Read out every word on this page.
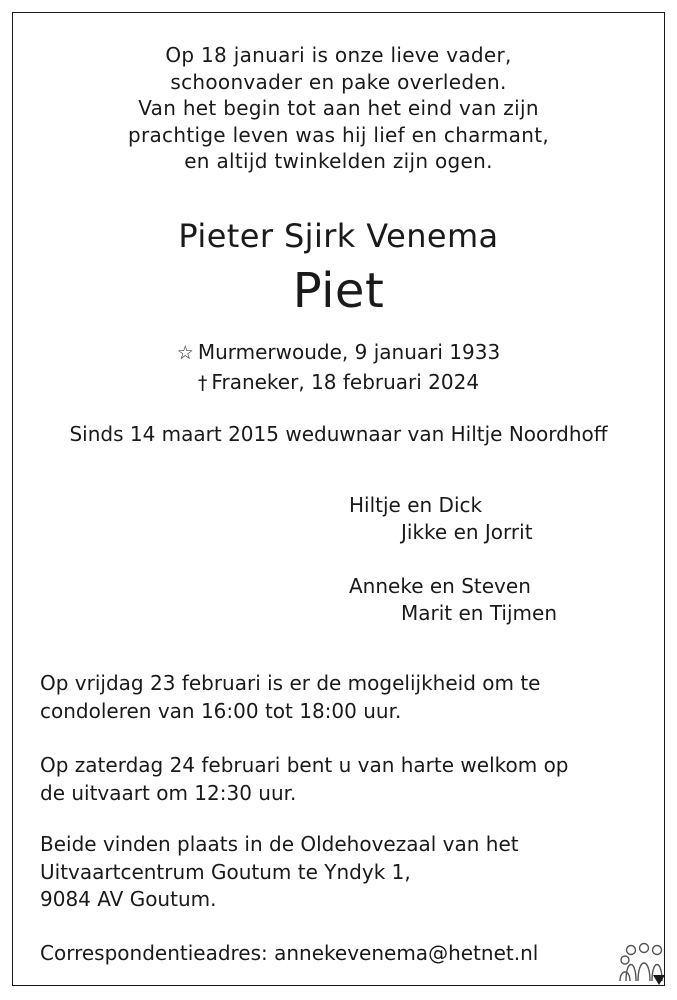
Op 18 januari is onze lieve vader,
schoonvader en pake overleden.
Van het begin tot aan het eind van zijn
prachtige leven was hij lief en charmant,
en altijd twinkelden zijn ogen.
Pieter Sjirk Venema
Piet
☆ Murmerwoude, 9 januari 1933
† Franeker, 18 februari 2024
Sinds 14 maart 2015 weduwnaar van Hiltje Noordhoff
Hiltje en Dick
Jikke en Jorrit
Anneke en Steven
Marit en Tijmen
Op vrijdag 23 februari is er de mogelijkheid om te
condoleren van 16:00 tot 18:00 uur.
Op zaterdag 24 februari bent u van harte welkom op
de uitvaart om 12:30 uur.
Beide vinden plaats in de Oldehovezaal van het
Uitvaartcentrum Goutum te Yndyk 1,
9084 AV Goutum.
Correspondentieadres: annekevenema@hetnet.nl
